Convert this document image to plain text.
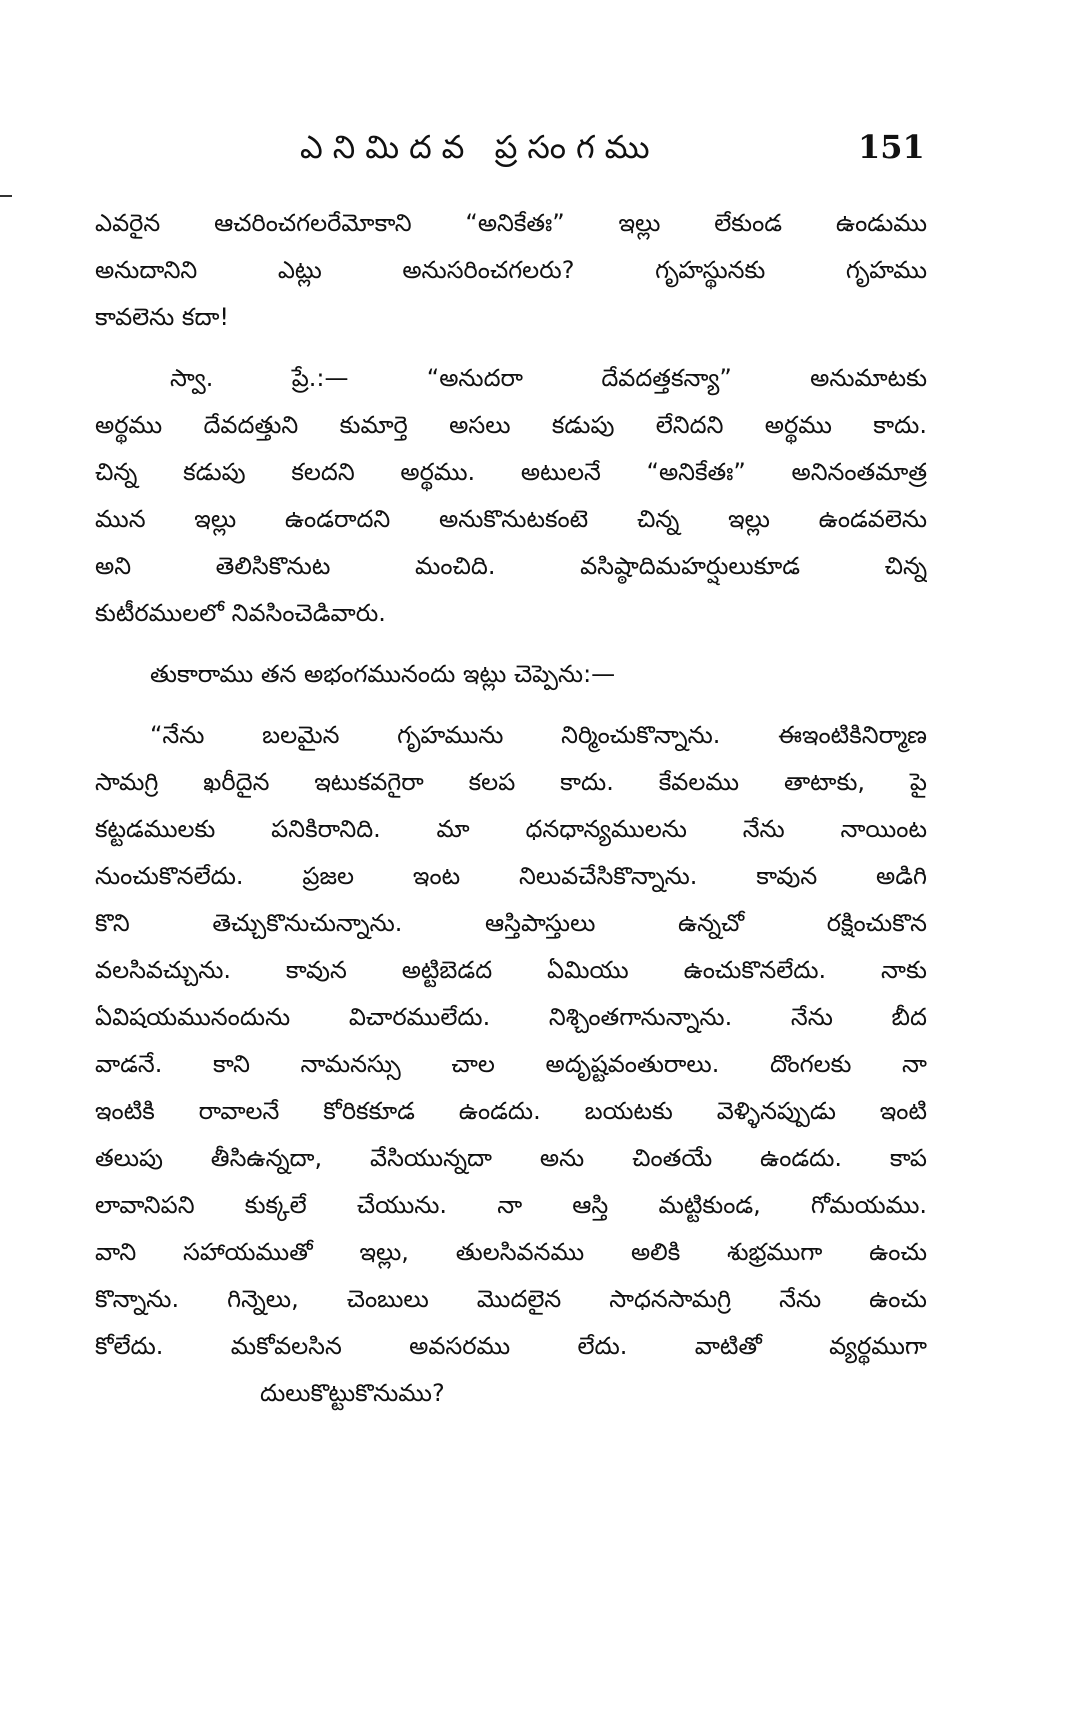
ఎనిమిదవ ప్రసంగము	151
ఎవరైన ఆచరించగలరేమోకాని “అనికేతః” ఇల్లు లేకుండ ఉండుము
అనుదానిని ఎట్లు అనుసరించగలరు? గృహస్థునకు గృహము
కావలెను కదా!
స్వా. ప్రే.:— “అనుదరా దేవదత్తకన్యా” అనుమాటకు
అర్థము దేవదత్తుని కుమార్తె అసలు కడుపు లేనిదని అర్థము కాదు.
చిన్న కడుపు కలదని అర్థము. అటులనే “అనికేతః” అనినంతమాత్ర
మున ఇల్లు ఉండరాదని అనుకొనుటకంటె చిన్న ఇల్లు ఉండవలెను
అని తెలిసికొనుట మంచిది. వసిష్ఠాదిమహర్షులుకూడ చిన్న
కుటీరములలో నివసించెడివారు.
తుకారాము తన అభంగమునందు ఇట్లు చెప్పెను:—
“నేను బలమైన గృహమును నిర్మించుకొన్నాను. ఈఇంటికినిర్మాణ
సామగ్రి ఖరీదైన ఇటుకవగైరా కలప కాదు. కేవలము తాటాకు, పై
కట్టడములకు పనికిరానిది. మా ధనధాన్యములను నేను నాయింట
నుంచుకొనలేదు. ప్రజల ఇంట నిలువచేసికొన్నాను. కావున అడిగి
కొని తెచ్చుకొనుచున్నాను. ఆస్తిపాస్తులు ఉన్నచో రక్షించుకొన
వలసివచ్చును. కావున అట్టిబెడద ఏమియు ఉంచుకొనలేదు. నాకు
ఏవిషయమునందును విచారములేదు. నిశ్చింతగానున్నాను. నేను బీద
వాడనే. కాని నామనస్సు చాల అదృష్టవంతురాలు. దొంగలకు నా
ఇంటికి రావాలనే కోరికకూడ ఉండదు. బయటకు వెళ్ళినప్పుడు ఇంటి
తలుపు తీసిఉన్నదా, వేసియున్నదా అను చింతయే ఉండదు. కాప
లావానిపని కుక్కలే చేయును. నా ఆస్తి మట్టికుండ, గోమయము.
వాని సహాయముతో ఇల్లు, తులసివనము అలికి శుభ్రముగా ఉంచు
కొన్నాను. గిన్నెలు, చెంబులు మొదలైన సాధనసామగ్రి నేను ఉంచు
కోలేదు. మకోవలసిన అవసరము లేదు. వాటితో వ్యర్థముగా
దులుకొట్టుకొనుము?
